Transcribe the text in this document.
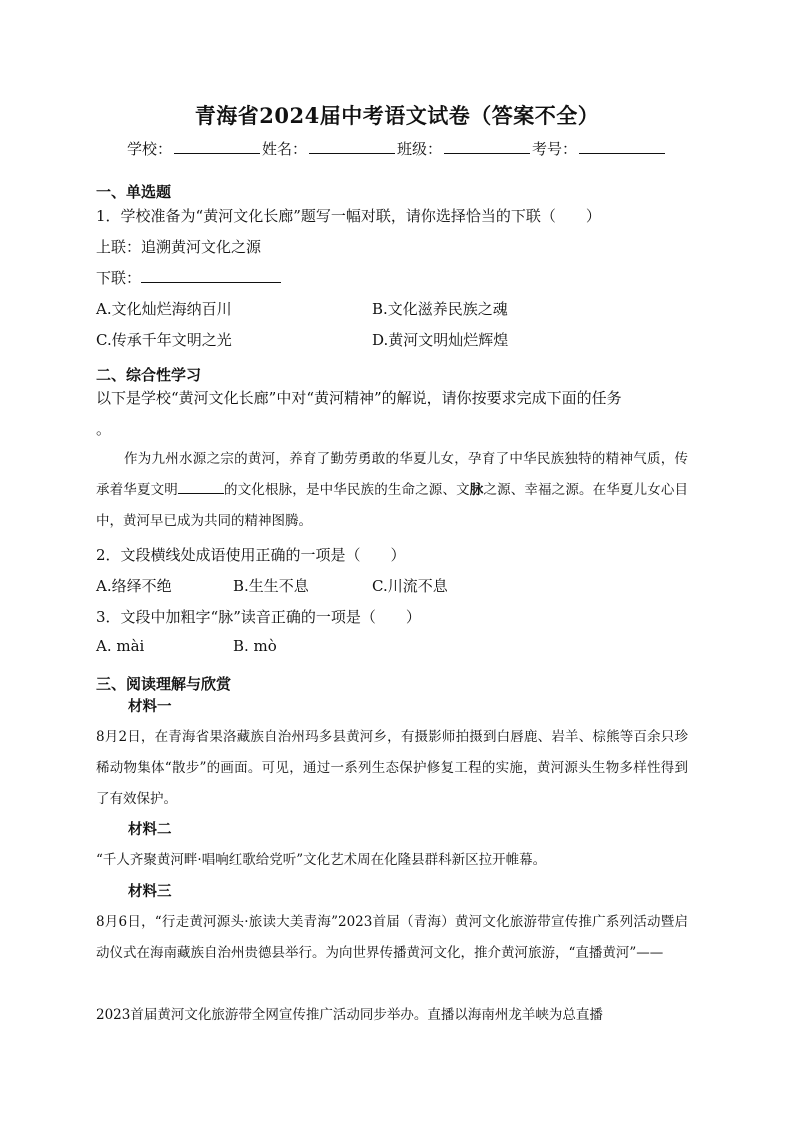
青海省2024届中考语文试卷（答案不全）
学校：	姓名：	班级：	考号：
一、单选题
1．学校准备为“黄河文化长廊”题写一幅对联，请你选择恰当的下联（　　）
上联：追溯黄河文化之源
下联：
A.文化灿烂海纳百川	B.文化滋养民族之魂
C.传承千年文明之光	D.黄河文明灿烂辉煌
二、综合性学习
以下是学校“黄河文化长廊”中对“黄河精神”的解说，请你按要求完成下面的任务
。
作为九州水源之宗的黄河，养育了勤劳勇敢的华夏儿女，孕育了中华民族独特的精神气质，传承着华夏文明	的文化根脉，是中华民族的生命之源、文脉之源、幸福之源。在华夏儿女心目中，黄河早已成为共同的精神图腾。
2．文段横线处成语使用正确的一项是（　　）
A.络绎不绝	B.生生不息	C.川流不息
3．文段中加粗字“脉”读音正确的一项是（　　）
A. mài	B. mò
三、阅读理解与欣赏
材料一
8月2日，在青海省果洛藏族自治州玛多县黄河乡，有摄影师拍摄到白唇鹿、岩羊、棕熊等百余只珍稀动物集体“散步”的画面。可见，通过一系列生态保护修复工程的实施，黄河源头生物多样性得到了有效保护。
材料二
“千人齐聚黄河畔·唱响红歌给党听”文化艺术周在化隆县群科新区拉开帷幕。
材料三
8月6日，“行走黄河源头·旅读大美青海”2023首届（青海）黄河文化旅游带宣传推广系列活动暨启动仪式在海南藏族自治州贵德县举行。为向世界传播黄河文化，推介黄河旅游，“直播黄河”——
2023首届黄河文化旅游带全网宣传推广活动同步举办。直播以海南州龙羊峡为总直播
